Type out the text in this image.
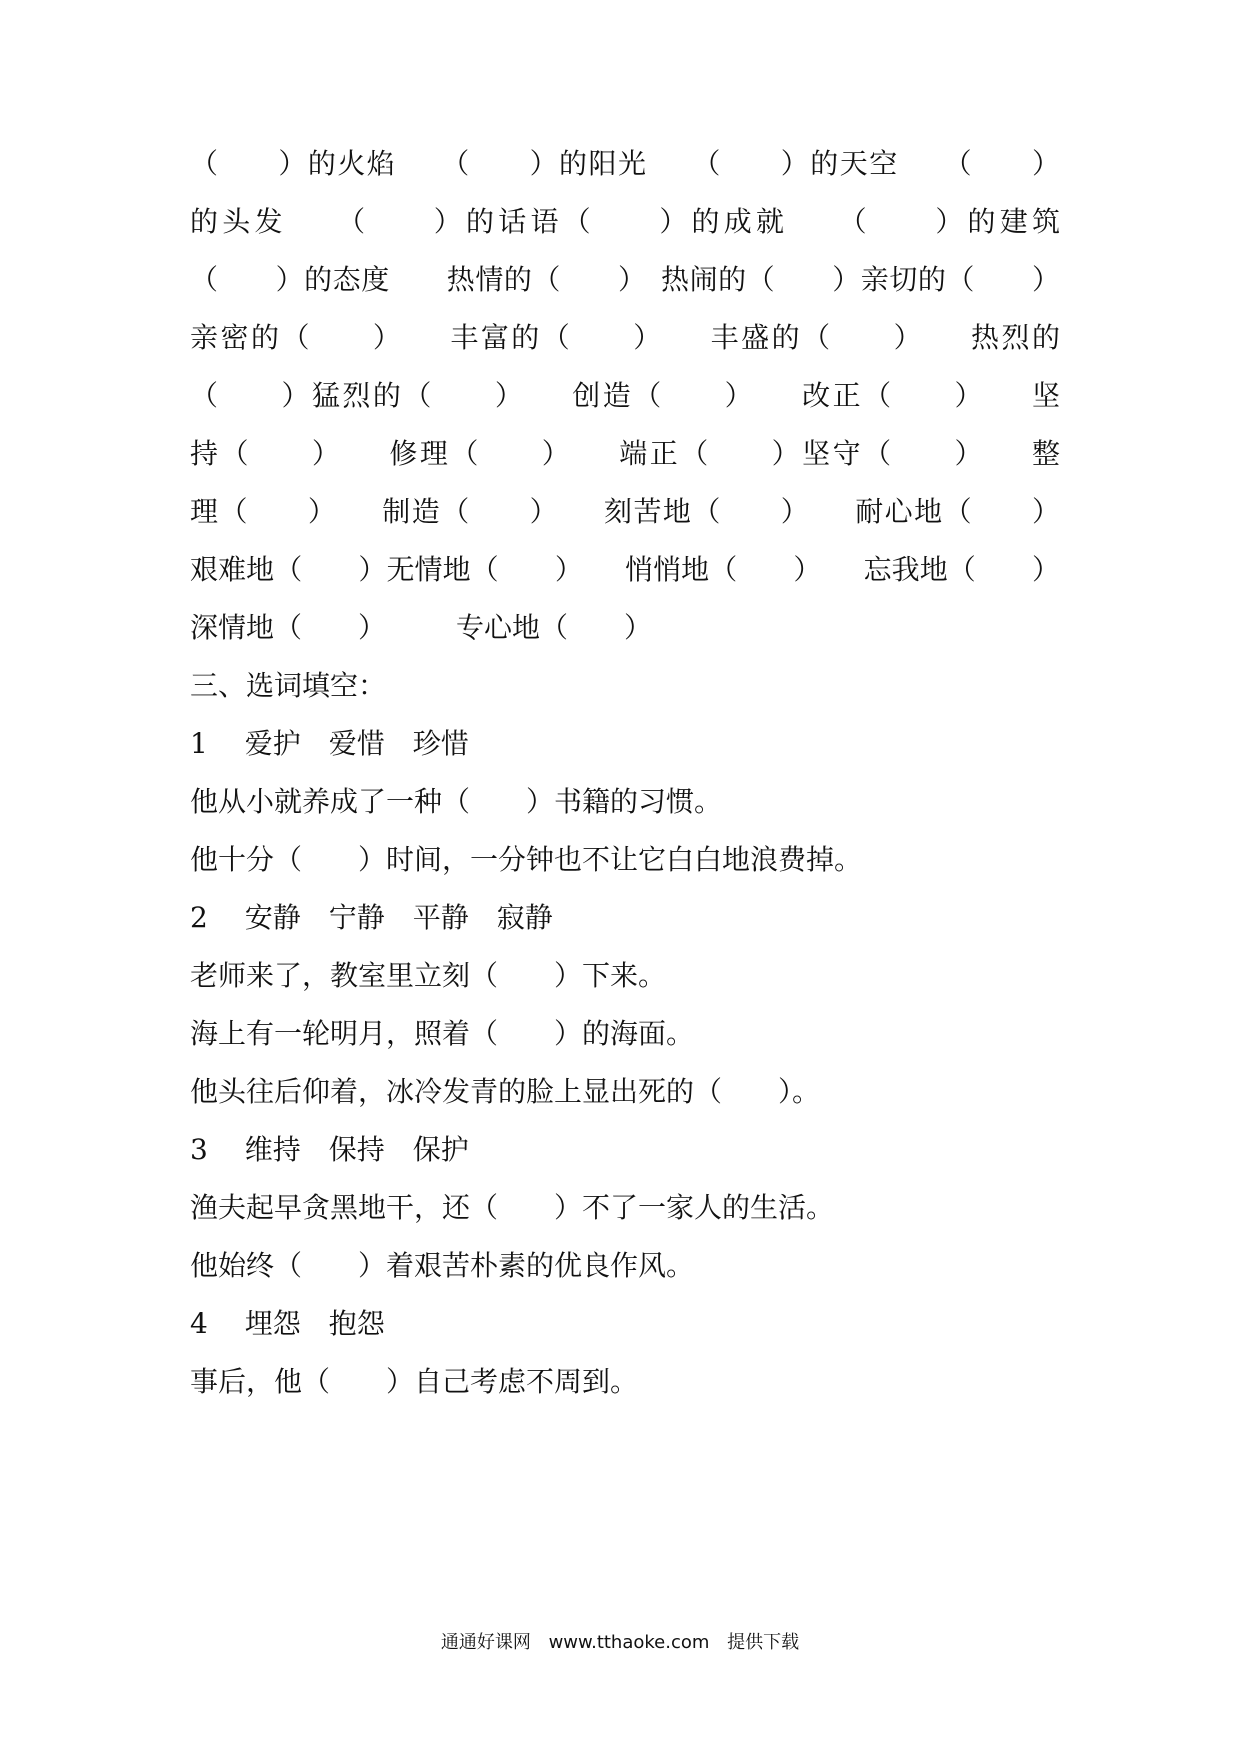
（　　）的火焰　　（　　）的阳光　　（　　）的天空　　（　　）
的头发　　（　　）的话语（　　）的成就　　（　　）的建筑
（　　）的态度　　热情的（　　）　热闹的（　　）亲切的（　　）
亲密的（　　）　　丰富的（　　）　　丰盛的（　　）　　热烈的
（　　）猛烈的（　　）　　创造（　　）　　改正（　　）　　坚
持（　　）　　修理（　　）　　端正（　　）坚守（　　）　　整
理（　　）　　制造（　　）　　刻苦地（　　）　　耐心地（　　）
艰难地（　　）无情地（　　）　　悄悄地（　　）　　忘我地（　　）
深情地（　　）　　　专心地（　　）
三、选词填空：
1　 爱护　爱惜　珍惜
他从小就养成了一种（　　）书籍的习惯。
他十分（　　）时间，一分钟也不让它白白地浪费掉。
2　 安静　宁静　平静　寂静
老师来了，教室里立刻（　　）下来。
海上有一轮明月，照着（　　）的海面。
他头往后仰着，冰冷发青的脸上显出死的（　　）。
3　 维持　保持　保护
渔夫起早贪黑地干，还（　　）不了一家人的生活。
他始终（　　）着艰苦朴素的优良作风。
4　 埋怨　抱怨
事后，他（　　）自己考虑不周到。
通通好课网 www.tthaoke.com 提供下载
